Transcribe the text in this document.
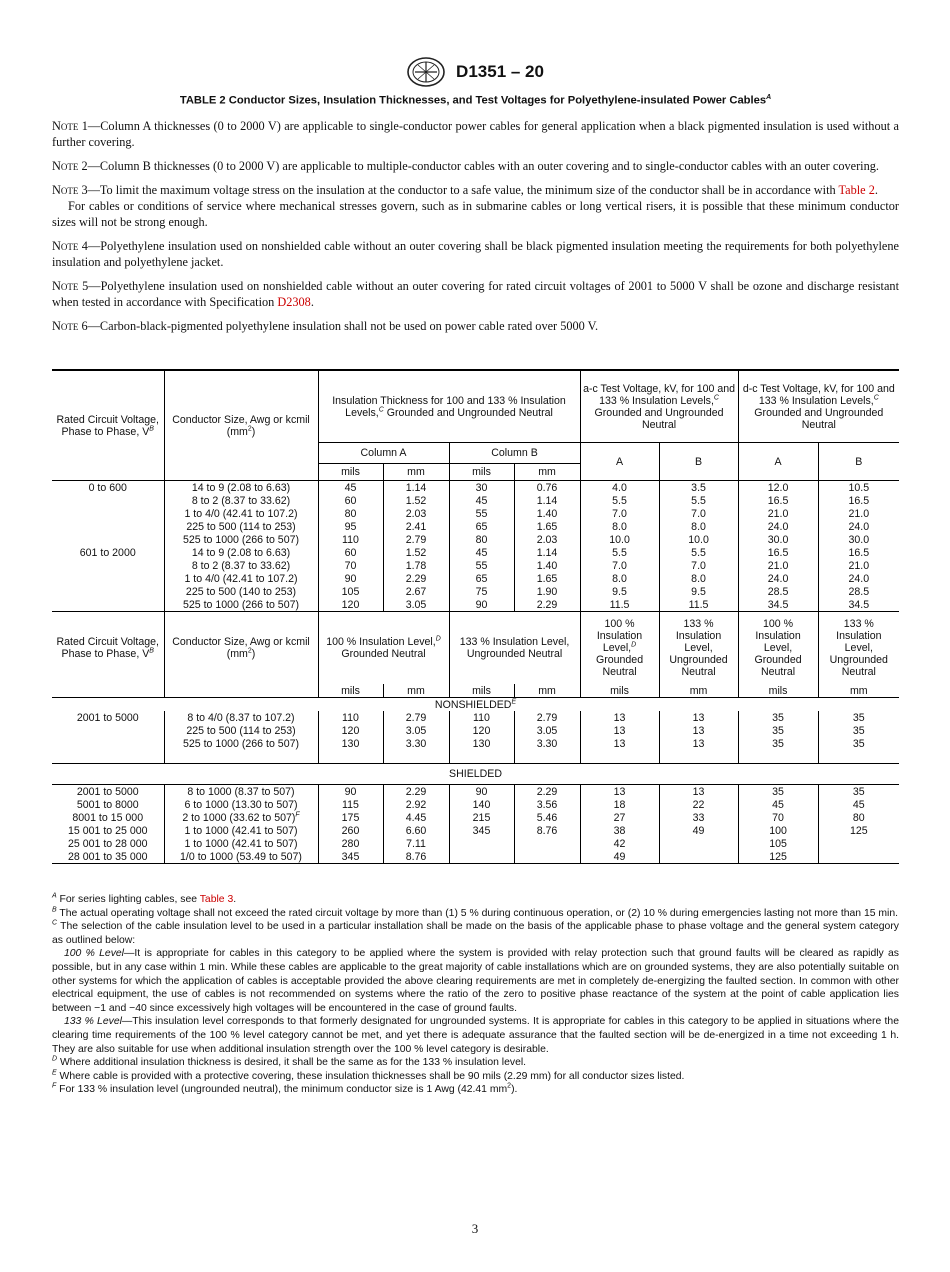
D1351 – 20
TABLE 2 Conductor Sizes, Insulation Thicknesses, and Test Voltages for Polyethylene-insulated Power Cables$^A$

Note 1—Column A thicknesses (0 to 2000 V) are applicable to single-conductor power cables for general application when a black pigmented insulation is used without a further covering.

Note 2—Column B thicknesses (0 to 2000 V) are applicable to multiple-conductor cables with an outer covering and to single-conductor cables with an outer covering.

Note 3—To limit the maximum voltage stress on the insulation at the conductor to a safe value, the minimum size of the conductor shall be in accordance with Table 2.

For cables or conditions of service where mechanical stresses govern, such as in submarine cables or long vertical risers, it is possible that these minimum conductor sizes will not be strong enough.

Note 4—Polyethylene insulation used on nonshielded cable without an outer covering shall be black pigmented insulation meeting the requirements for both polyethylene insulation and polyethylene jacket.

Note 5—Polyethylene insulation used on nonshielded cable without an outer covering for rated circuit voltages of 2001 to 5000 V shall be ozone and discharge resistant when tested in accordance with Specification D2308.

Note 6—Carbon-black-pigmented polyethylene insulation shall not be used on power cable rated over 5000 V.

Rated Circuit Voltage, Phase to Phase, $V^B$	Conductor Size, Awg or kcmil $(mm^2)$	Insulation Thickness for 100 and 133 % Insulation Levels,$^C$ Grounded and Ungrounded Neutral				a-c Test Voltage, kV, for 100 and 133 % Insulation Levels,$^C$ Grounded and Ungrounded Neutral		d-c Test Voltage, kV, for 100 and 133 % Insulation Levels,$^C$ Grounded and Ungrounded Neutral	
		Column A		Column B		A	B	A	B
		mils	mm	mils	mm				
0 to 600	14 to 9 (2.08 to 6.63)	45	1.14	30	0.76	4.0	3.5	12.0	10.5
	8 to 2 (8.37 to 33.62)	60	1.52	45	1.14	5.5	5.5	16.5	16.5
	1 to 4/0 (42.41 to 107.2)	80	2.03	55	1.40	7.0	7.0	21.0	21.0
	225 to 500 (114 to 253)	95	2.41	65	1.65	8.0	8.0	24.0	24.0
	525 to 1000 (266 to 507)	110	2.79	80	2.03	10.0	10.0	30.0	30.0
601 to 2000	14 to 9 (2.08 to 6.63)	60	1.52	45	1.14	5.5	5.5	16.5	16.5
	8 to 2 (8.37 to 33.62)	70	1.78	55	1.40	7.0	7.0	21.0	21.0
	1 to 4/0 (42.41 to 107.2)	90	2.29	65	1.65	8.0	8.0	24.0	24.0
	225 to 500 (140 to 253)	105	2.67	75	1.90	9.5	9.5	28.5	28.5
	525 to 1000 (266 to 507)	120	3.05	90	2.29	11.5	11.5	34.5	34.5
Rated Circuit Voltage, Phase to Phase, $V^B$	Conductor Size, Awg or kcmil $(mm^2)$	100 % Insulation Level,$^D$ Grounded Neutral		133 % Insulation Level, Ungrounded Neutral		100 % Insulation Level,$^D$ Grounded Neutral	133 % Insulation Level, Ungrounded Neutral	100 % Insulation Level, Grounded Neutral	133 % Insulation Level, Ungrounded Neutral
		mils	mm	mils	mm	mils	mm	mils	mm
$NONSHIELDED^E$
2001 to 5000	8 to 4/0 (8.37 to 107.2)	110	2.79	110	2.79	13	13	35	35
	225 to 500 (114 to 253)	120	3.05	120	3.05	13	13	35	35
	525 to 1000 (266 to 507)	130	3.30	130	3.30	13	13	35	35

SHIELDED									
2001 to 5000	8 to 1000 (8.37 to 507)	90	2.29	90	2.29	13	13	35	35
5001 to 8000	6 to 1000 (13.30 to 507)	115	2.92	140	3.56	18	22	45	45
8001 to 15 000	2 to 1000 (33.62 to 507)$^F$	175	4.45	215	5.46	27	33	70	80
15 001 to 25 000	1 to 1000 (42.41 to 507)	260	6.60	345	8.76	38	49	100	125
25 001 to 28 000	1 to 1000 (42.41 to 507)	280	7.11			42		105	
28 001 to 35 000	1/0 to 1000 (53.49 to 507)	345	8.76			49		125	

$^A$ For series lighting cables, see Table 3.

$^B$ The actual operating voltage shall not exceed the rated circuit voltage by more than (1) 5 % during continuous operation, or (2) 10 % during emergencies lasting not more than 15 min.

$^C$ The selection of the cable insulation level to be used in a particular installation shall be made on the basis of the applicable phase to phase voltage and the general system category as outlined below:

100 % Level—It is appropriate for cables in this category to be applied where the system is provided with relay protection such that ground faults will be cleared as rapidly as possible, but in any case within 1 min. While these cables are applicable to the great majority of cable installations which are on grounded systems, they are also potentially suitable on other systems for which the application of cables is acceptable provided the above clearing requirements are met in completely de-energizing the faulted section. In common with other electrical equipment, the use of cables is not recommended on systems where the ratio of the zero to positive phase reactance of the system at the point of cable application lies between −1 and −40 since excessively high voltages will be encountered in the case of ground faults.

133 % Level—This insulation level corresponds to that formerly designated for ungrounded systems. It is appropriate for cables in this category to be applied in situations where the clearing time requirements of the 100 % level category cannot be met, and yet there is adequate assurance that the faulted section will be de-energized in a time not exceeding 1 h. They are also suitable for use when additional insulation strength over the 100 % level category is desirable.

$^D$ Where additional insulation thickness is desired, it shall be the same as for the 133 % insulation level.

$^E$ Where cable is provided with a protective covering, these insulation thicknesses shall be 90 mils (2.29 mm) for all conductor sizes listed.

$^F$ For 133 % insulation level (ungrounded neutral), the minimum conductor size is 1 Awg (42.41 $mm^2$).

3
